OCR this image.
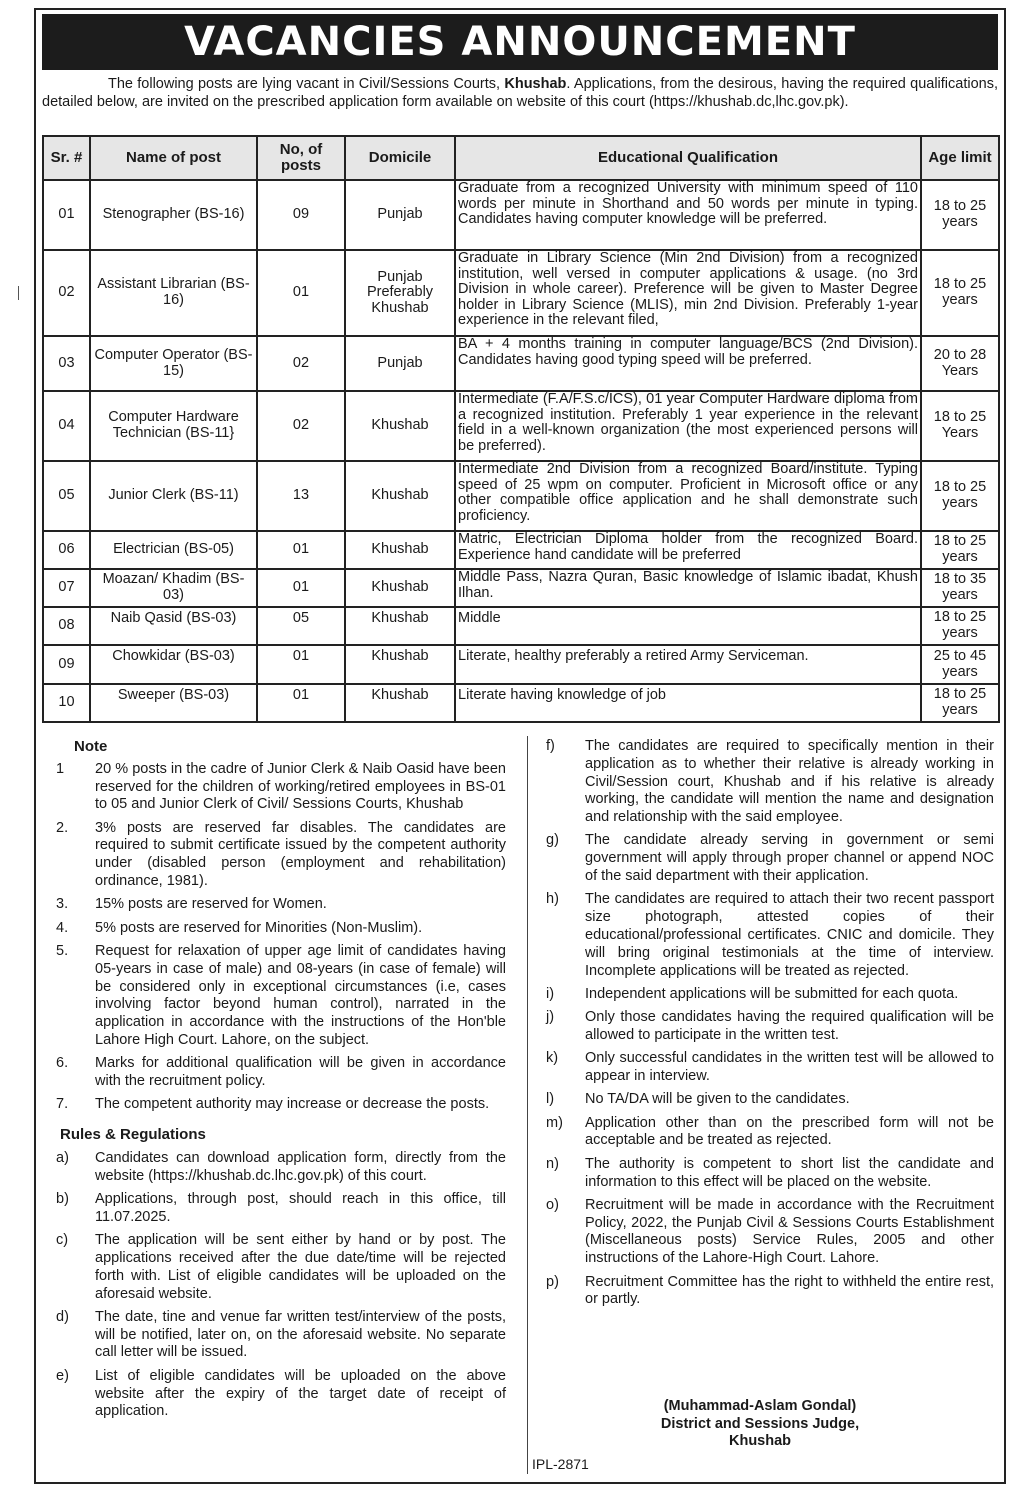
VACANCIES ANNOUNCEMENT
The following posts are lying vacant in Civil/Sessions Courts, Khushab. Applications, from the desirous, having the required qualifications, detailed below, are invited on the prescribed application form available on website of this court (https://khushab.dc,lhc.gov.pk).
Sr. #	Name of post	No, of posts	Domicile	Educational Qualification	Age limit
01	Stenographer (BS-16)	09	Punjab	Graduate from a recognized University with minimum speed of 110 words per minute in Shorthand and 50 words per minute in typing. Candidates having computer knowledge will be preferred.	18 to 25 years
02	Assistant Librarian (BS-16)	01	Punjab Preferably Khushab	Graduate in Library Science (Min 2nd Division) from a recognized institution, well versed in computer applications & usage. (no 3rd Division in whole career). Preference will be given to Master Degree holder in Library Science (MLIS), min 2nd Division. Preferably 1-year experience in the relevant filed,	18 to 25 years
03	Computer Operator (BS-15)	02	Punjab	BA + 4 months training in computer language/BCS (2nd Division). Candidates having good typing speed will be preferred.	20 to 28 Years
04	Computer Hardware Technician (BS-11}	02	Khushab	Intermediate (F.A/F.S.c/ICS), 01 year Computer Hardware diploma from a recognized institution. Preferably 1 year experience in the relevant field in a well-known organization (the most experienced persons will be preferred).	18 to 25 Years
05	Junior Clerk (BS-11)	13	Khushab	Intermediate 2nd Division from a recognized Board/institute. Typing speed of 25 wpm on computer. Proficient in Microsoft office or any other compatible office application and he shall demonstrate such proficiency.	18 to 25 years
06	Electrician (BS-05)	01	Khushab	Matric, Electrician Diploma holder from the recognized Board. Experience hand candidate will be preferred	18 to 25 years
07	Moazan/ Khadim (BS-03)	01	Khushab	Middle Pass, Nazra Quran, Basic knowledge of Islamic ibadat, Khush Ilhan.	18 to 35 years
08	Naib Qasid (BS-03)	05	Khushab	Middle	18 to 25 years
09	Chowkidar (BS-03)	01	Khushab	Literate, healthy preferably a retired Army Serviceman.	25 to 45 years
10	Sweeper (BS-03)	01	Khushab	Literate having knowledge of job	18 to 25 years
Note
1	20 % posts in the cadre of Junior Clerk & Naib Oasid have been reserved for the children of working/retired employees in BS-01 to 05 and Junior Clerk of Civil/ Sessions Courts, Khushab
2.	3% posts are reserved far disables. The candidates are required to submit certificate issued by the competent authority under (disabled person (employment and rehabilitation) ordinance, 1981).
3.	15% posts are reserved for Women.
4.	5% posts are reserved for Minorities (Non-Muslim).
5.	Request for relaxation of upper age limit of candidates having 05-years in case of male) and 08-years (in case of female) will be considered only in exceptional circumstances (i.e, cases involving factor beyond human control), narrated in the application in accordance with the instructions of the Hon'ble Lahore High Court. Lahore, on the subject.
6.	Marks for additional qualification will be given in accordance with the recruitment policy.
7.	The competent authority may increase or decrease the posts.
Rules & Regulations
a)	Candidates can download application form, directly from the website (https://khushab.dc.lhc.gov.pk) of this court.
b)	Applications, through post, should reach in this office, till 11.07.2025.
c)	The application will be sent either by hand or by post. The applications received after the due date/time will be rejected forth with. List of eligible candidates will be uploaded on the aforesaid website.
d)	The date, tine and venue far written test/interview of the posts, will be notified, later on, on the aforesaid website. No separate call letter will be issued.
e)	List of eligible candidates will be uploaded on the above website after the expiry of the target date of receipt of application.
f)	The candidates are required to specifically mention in their application as to whether their relative is already working in Civil/Session court, Khushab and if his relative is already working, the candidate will mention the name and designation and relationship with the said employee.
g)	The candidate already serving in government or semi government will apply through proper channel or append NOC of the said department with their application.
h)	The candidates are required to attach their two recent passport size photograph, attested copies of their educational/professional certificates. CNIC and domicile. They will bring original testimonials at the time of interview. Incomplete applications will be treated as rejected.
i)	Independent applications will be submitted for each quota.
j)	Only those candidates having the required qualification will be allowed to participate in the written test.
k)	Only successful candidates in the written test will be allowed to appear in interview.
l)	No TA/DA will be given to the candidates.
m)	Application other than on the prescribed form will not be acceptable and be treated as rejected.
n)	The authority is competent to short list the candidate and information to this effect will be placed on the website.
o)	Recruitment will be made in accordance with the Recruitment Policy, 2022, the Punjab Civil & Sessions Courts Establishment (Miscellaneous posts) Service Rules, 2005 and other instructions of the Lahore-High Court. Lahore.
p)	Recruitment Committee has the right to withheld the entire rest, or partly.
(Muhammad-Aslam Gondal)
District and Sessions Judge,
Khushab
IPL-2871
